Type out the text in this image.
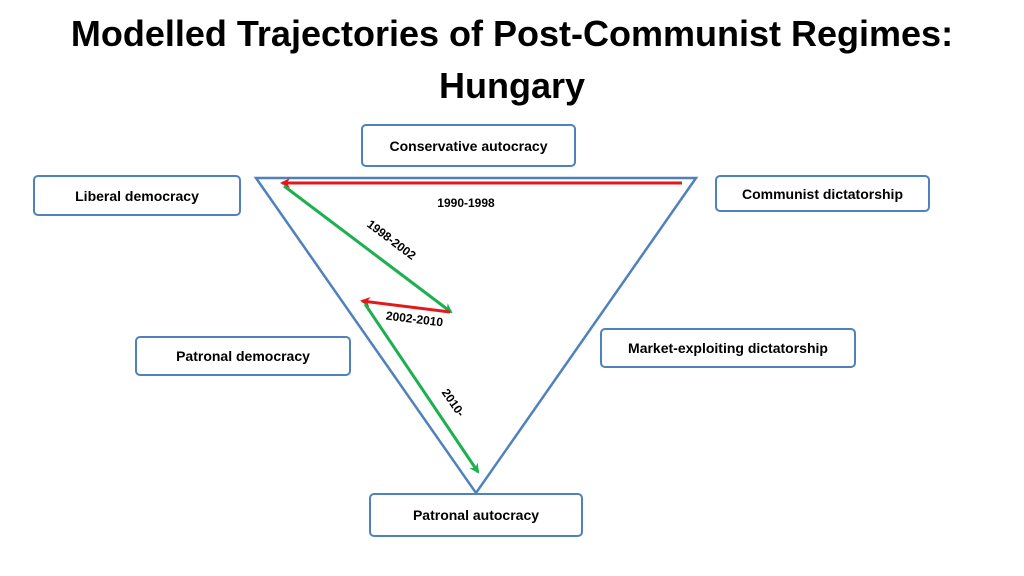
Modelled Trajectories of Post-Communist Regimes:
Hungary
1990-1998
1998-2002
2002-2010
2010-
Conservative autocracy
Liberal democracy	Communist dictatorship
Patronal democracy	Market-exploiting dictatorship
Patronal autocracy
